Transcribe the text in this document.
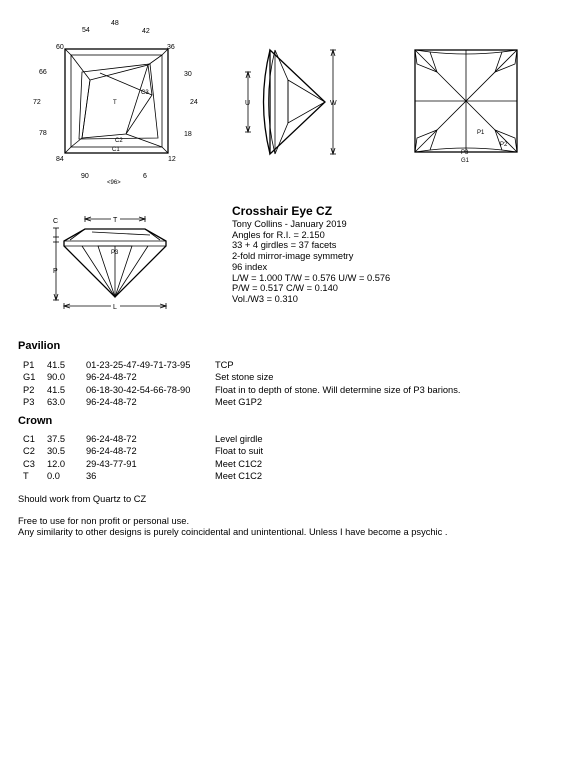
T
C3
C2
C1
48
54	42
60	36
66	30
72	24
78	18
84	12
90	6
<96>
U	W
P1
P2
P3
G1
C
P
T
P3
L
Crosshair Eye CZ
Tony Collins - January 2019
Angles for R.I. = 2.150
33 + 4 girdles = 37 facets
2-fold mirror-image symmetry
96 index
L/W = 1.000 T/W = 0.576 U/W = 0.576
P/W = 0.517 C/W = 0.140
Vol./W3 = 0.310
Pavilion
P1 41.5 01-23-25-47-49-71-73-95	TCP
G1 90.0 96-24-48-72	Set stone size
P2 41.5 06-18-30-42-54-66-78-90	Float in to depth of stone. Will determine size of P3 barions.
P3 63.0 96-24-48-72	Meet G1P2
Crown
C1 37.5 96-24-48-72	Level girdle
C2 30.5 96-24-48-72	Float to suit
C3 12.0 29-43-77-91	Meet C1C2
T 0.0	36	Meet C1C2
Should work from Quartz to CZ
Free to use for non profit or personal use.
Any similarity to other designs is purely coincidental and unintentional. Unless I have become a psychic .
